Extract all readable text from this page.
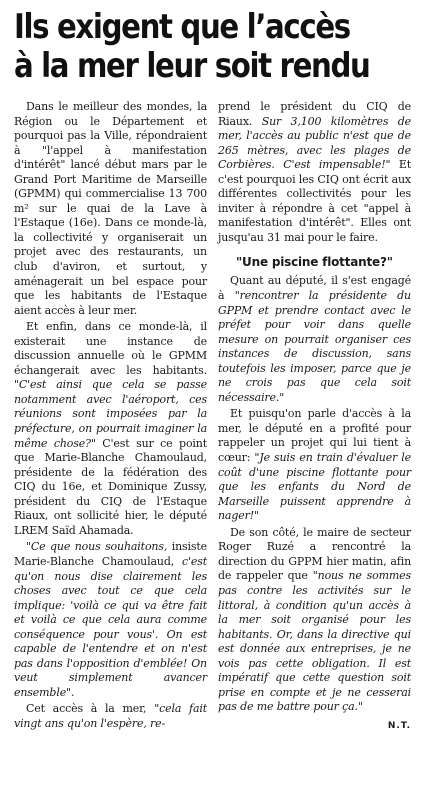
Ils exigent que l’accès
à la mer leur soit rendu

Dans le meilleur des mondes, la Région ou le Département et pourquoi pas la Ville, répondraient à "l'appel à manifestation d'intérêt" lancé début mars par le Grand Port Maritime de Marseille (GPMM) qui commercialise 13 700 m² sur le quai de la Lave à l'Estaque (16e). Dans ce monde-là, la collectivité y organiserait un projet avec des restaurants, un club d'aviron, et surtout, y aménagerait un bel espace pour que les habitants de l'Estaque aient accès à leur mer.

Et enfin, dans ce monde-là, il existerait une instance de discussion annuelle où le GPMM échangerait avec les habitants. "C'est ainsi que cela se passe notamment avec l'aéroport, ces réunions sont imposées par la préfecture, on pourrait imaginer la même chose?" C'est sur ce point que Marie-Blanche Chamoulaud, présidente de la fédération des CIQ du 16e, et Dominique Zussy, président du CIQ de l'Estaque Riaux, ont sollicité hier, le député LREM Saïd Ahamada.

"Ce que nous souhaitons, insiste Marie-Blanche Chamoulaud, c'est qu'on nous dise clairement les choses avec tout ce que cela implique: 'voilà ce qui va être fait et voilà ce que cela aura comme conséquence pour vous'. On est capable de l'entendre et on n'est pas dans l'opposition d'emblée! On veut simplement avancer ensemble".

Cet accès à la mer, "cela fait vingt ans qu'on l'espère, re-

prend le président du CIQ de Riaux. Sur 3,100 kilomètres de mer, l'accès au public n'est que de 265 mètres, avec les plages de Corbières. C'est impensable!" Et c'est pourquoi les CIQ ont écrit aux différentes collectivités pour les inviter à répondre à cet "appel à manifestation d'intérêt". Elles ont jusqu'au 31 mai pour le faire.

"Une piscine flottante?"

Quant au député, il s'est engagé à "rencontrer la présidente du GPPM et prendre contact avec le préfet pour voir dans quelle mesure on pourrait organiser ces instances de discussion, sans toutefois les imposer, parce que je ne crois pas que cela soit nécessaire."

Et puisqu'on parle d'accès à la mer, le député en a profité pour rappeler un projet qui lui tient à cœur: "Je suis en train d'évaluer le coût d'une piscine flottante pour que les enfants du Nord de Marseille puissent apprendre à nager!"

De son côté, le maire de secteur Roger Ruzé a rencontré la direction du GPPM hier matin, afin de rappeler que "nous ne sommes pas contre les activités sur le littoral, à condition qu'un accès à la mer soit organisé pour les habitants. Or, dans la directive qui est donnée aux entreprises, je ne vois pas cette obligation. Il est impératif que cette question soit prise en compte et je ne cesserai pas de me battre pour ça."

N.T.
